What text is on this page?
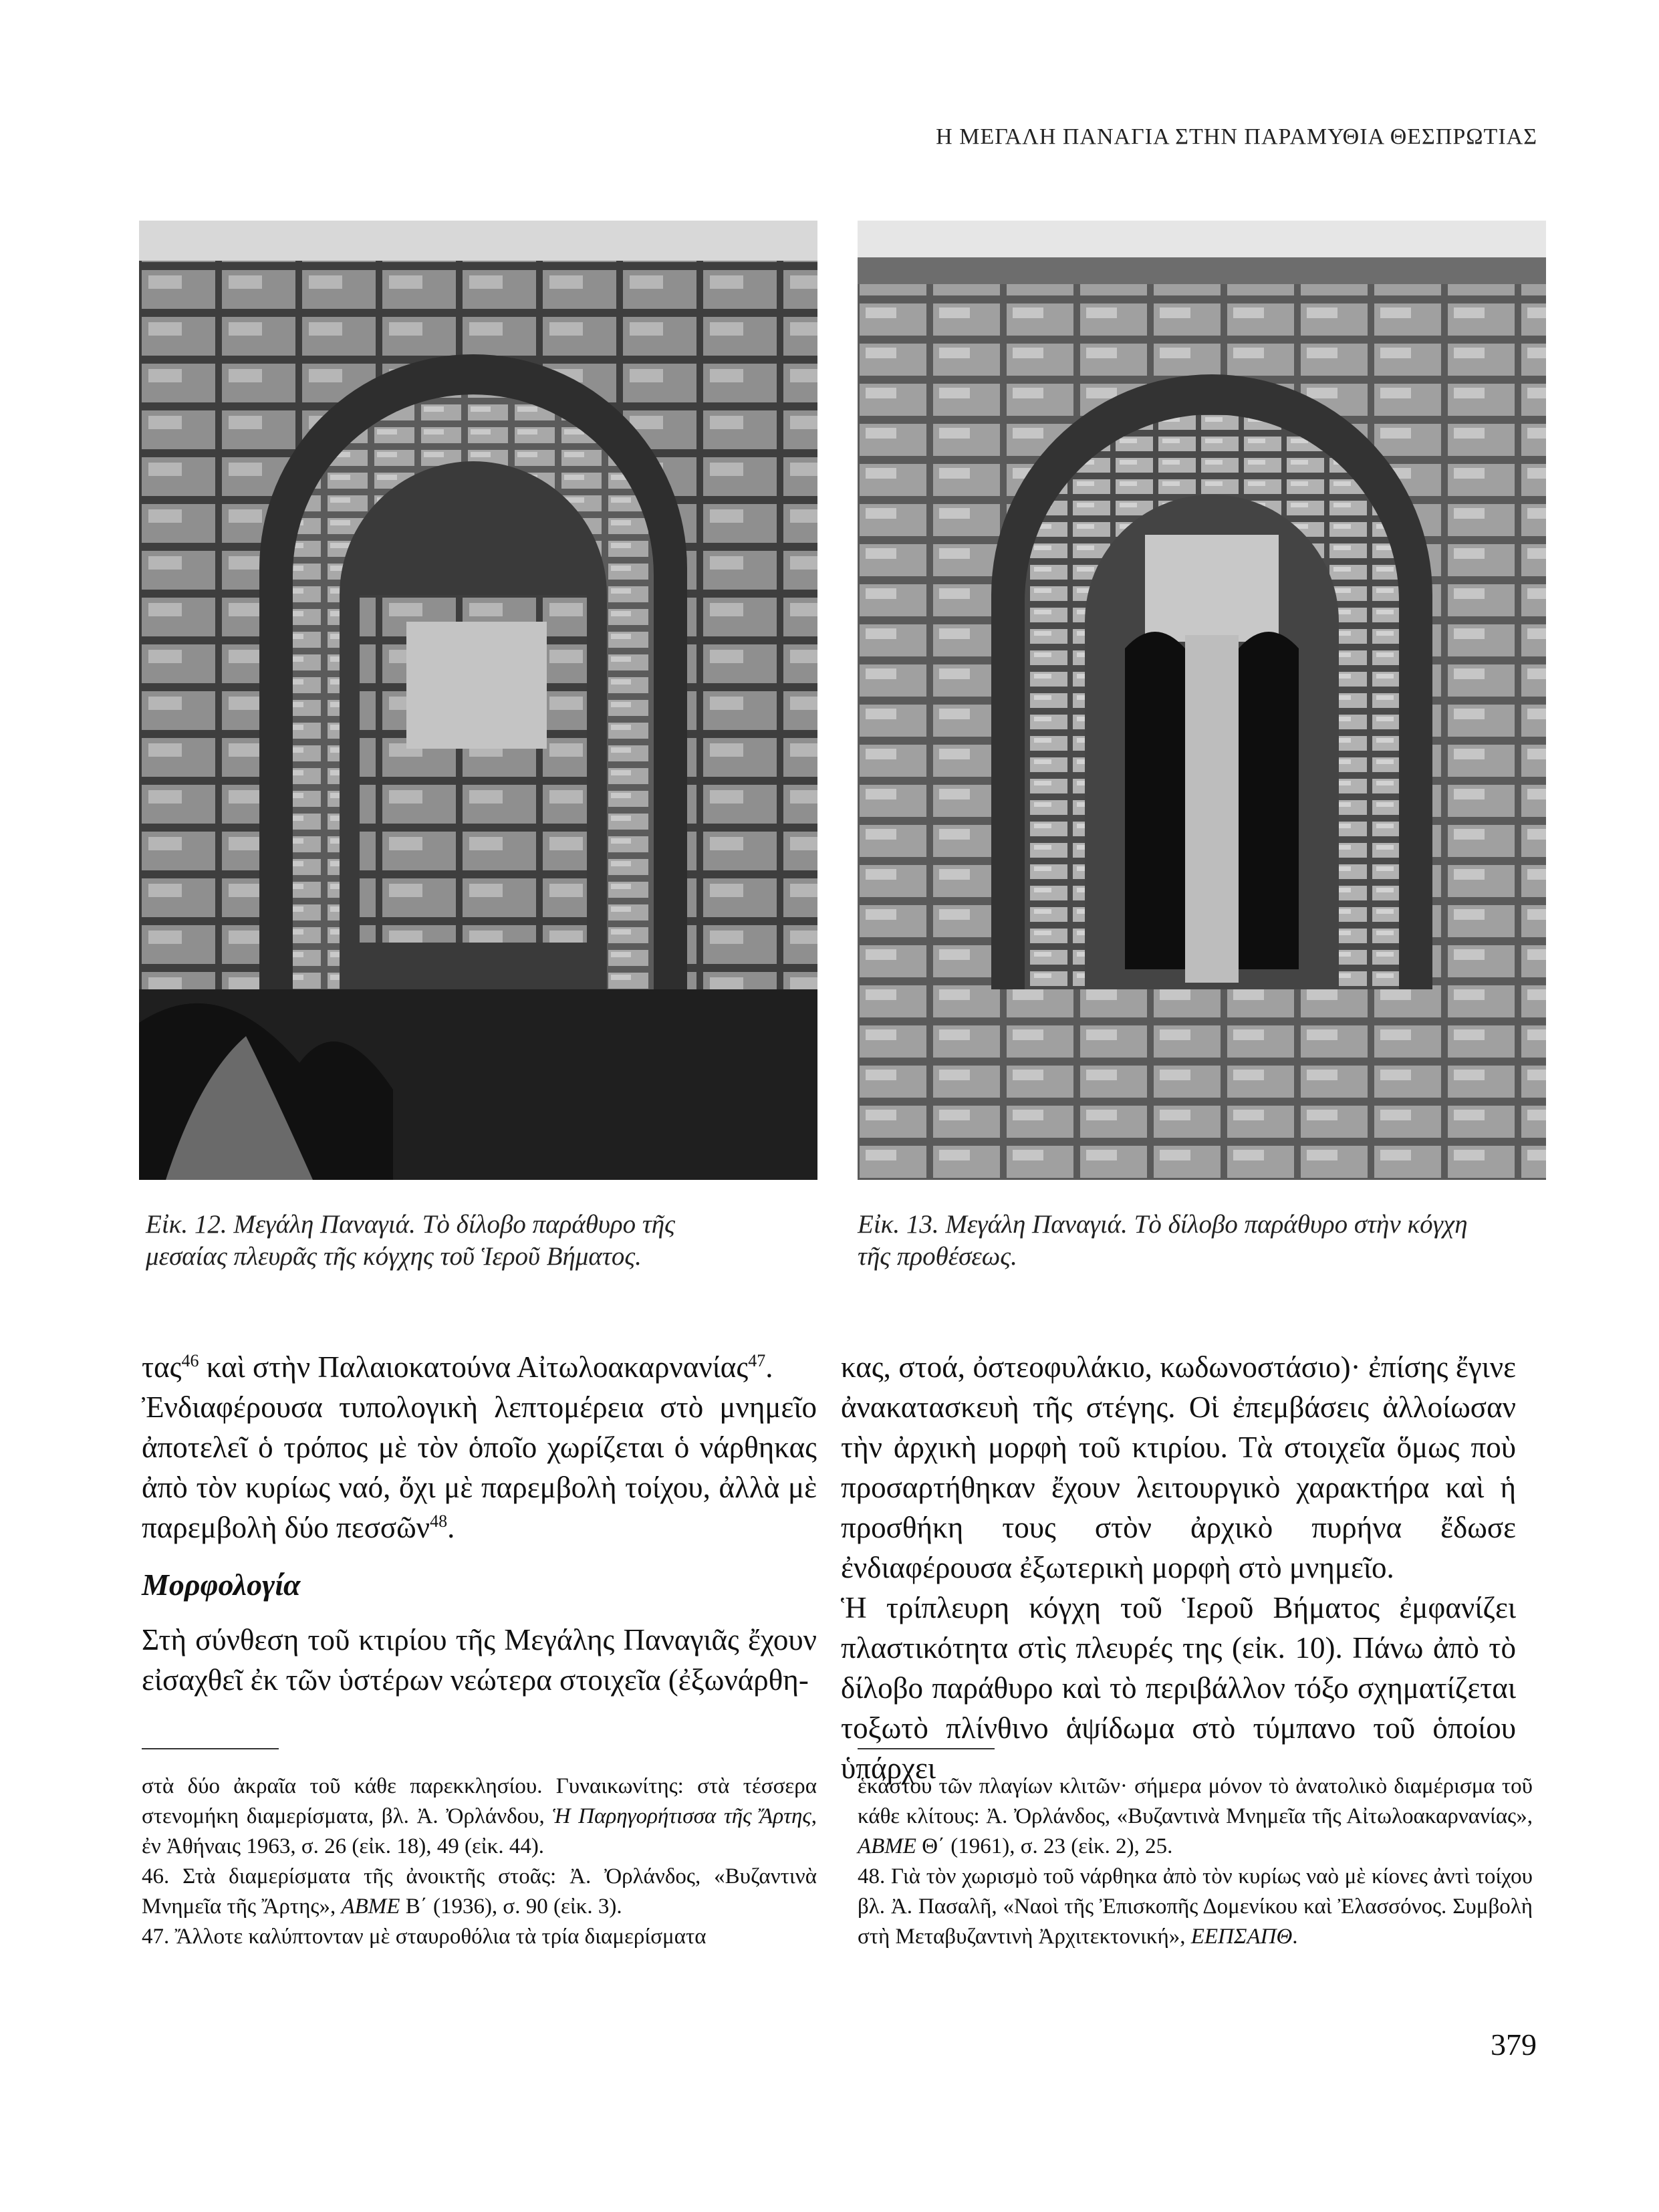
Η ΜΕΓΑΛΗ ΠΑΝΑΓΙΑ ΣΤΗΝ ΠΑΡΑΜΥΘΙΑ ΘΕΣΠΡΩΤΙΑΣ
Εἰκ. 12. Μεγάλη Παναγιά. Τὸ δίλοβο παράθυρο τῆς
μεσαίας πλευρᾶς τῆς κόγχης τοῦ Ἱεροῦ Βήματος.
Εἰκ. 13. Μεγάλη Παναγιά. Τὸ δίλοβο παράθυρο στὴν κόγχη
τῆς προθέσεως.

τας$^{46}$ καὶ στὴν Παλαιοκατούνα Αἰτωλοακαρνανίας$^{47}$.

Ἐνδιαφέρουσα τυπολογικὴ λεπτομέρεια στὸ μνημεῖο ἀποτελεῖ ὁ τρόπος μὲ τὸν ὁποῖο χωρίζεται ὁ νάρθηκας ἀπὸ τὸν κυρίως ναό, ὄχι μὲ παρεμβολὴ τοίχου, ἀλλὰ μὲ παρεμβολὴ δύο πεσσῶν$^{48}$.

Μορφολογία

Στὴ σύνθεση τοῦ κτιρίου τῆς Μεγάλης Παναγιᾶς ἔχουν εἰσαχθεῖ ἐκ τῶν ὑστέρων νεώτερα στοιχεῖα (ἐξωνάρθη-

κας, στοά, ὀστεοφυλάκιο, κωδωνοστάσιο)· ἐπίσης ἔγινε ἀνακατασκευὴ τῆς στέγης. Οἱ ἐπεμβάσεις ἀλλοίωσαν τὴν ἀρχικὴ μορφὴ τοῦ κτιρίου. Τὰ στοιχεῖα ὅμως ποὺ προσαρτήθηκαν ἔχουν λειτουργικὸ χαρακτήρα καὶ ἡ προσθήκη τους στὸν ἀρχικὸ πυρήνα ἔδωσε ἐνδιαφέρουσα ἐξωτερικὴ μορφὴ στὸ μνημεῖο.

Ἡ τρίπλευρη κόγχη τοῦ Ἱεροῦ Βήματος ἐμφανίζει πλαστικότητα στὶς πλευρές της (εἰκ. 10). Πάνω ἀπὸ τὸ δίλοβο παράθυρο καὶ τὸ περιβάλλον τόξο σχηματίζεται τοξωτὸ πλίνθινο ἁψίδωμα στὸ τύμπανο τοῦ ὁποίου ὑπάρχει

στὰ δύο ἀκραῖα τοῦ κάθε παρεκκλησίου. Γυναικωνίτης: στὰ τέσσερα στενομήκη διαμερίσματα, βλ. Ἀ. Ὀρλάνδου, Ἡ Παρηγορήτισσα τῆς Ἄρτης, ἐν Ἀθήναις 1963, σ. 26 (εἰκ. 18), 49 (εἰκ. 44).

46. Στὰ διαμερίσματα τῆς ἀνοικτῆς στοᾶς: Ἀ. Ὀρλάνδος, «Βυζαντινὰ Μνημεῖα τῆς Ἄρτης», ΑΒΜΕ Β΄ (1936), σ. 90 (εἰκ. 3).

47. Ἄλλοτε καλύπτονταν μὲ σταυροθόλια τὰ τρία διαμερίσματα

ἑκάστου τῶν πλαγίων κλιτῶν· σήμερα μόνον τὸ ἀνατολικὸ διαμέρισμα τοῦ κάθε κλίτους: Ἀ. Ὀρλάνδος, «Βυζαντινὰ Μνημεῖα τῆς Αἰτωλοακαρνανίας», ΑΒΜΕ Θ΄ (1961), σ. 23 (εἰκ. 2), 25.

48. Γιὰ τὸν χωρισμὸ τοῦ νάρθηκα ἀπὸ τὸν κυρίως ναὸ μὲ κίονες ἀντὶ τοίχου βλ. Ἀ. Πασαλῆ, «Ναοὶ τῆς Ἐπισκοπῆς Δομενίκου καὶ Ἐλασσόνος. Συμβολὴ στὴ Μεταβυζαντινὴ Ἀρχιτεκτονική», ΕΕΠΣΑΠΘ.

379
